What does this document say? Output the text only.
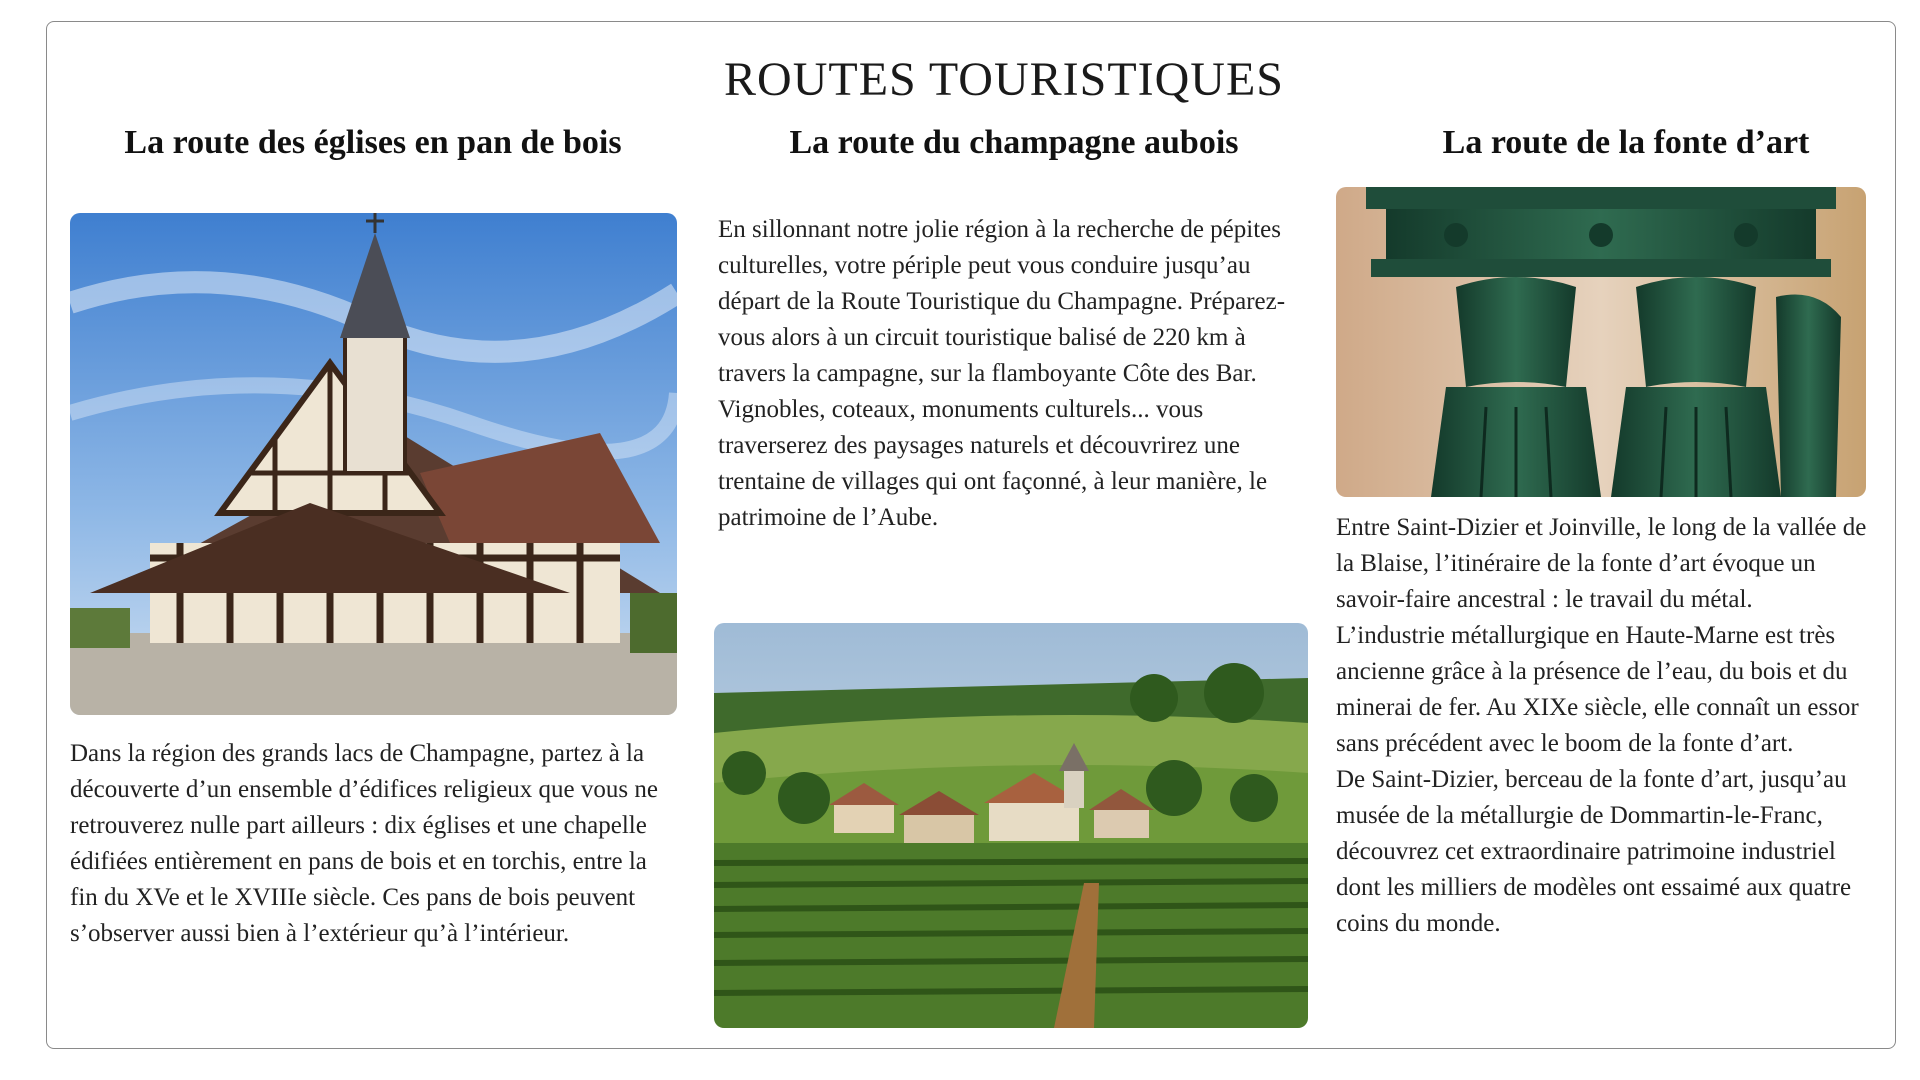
ROUTES TOURISTIQUES
La route des églises en pan de bois	La route du champagne aubois	La route de la fonte d’art

Dans la région des grands lacs de Champagne, partez à la découverte d’un ensemble d’édifices religieux que vous ne retrouverez nulle part ailleurs : dix églises et une chapelle édifiées entièrement en pans de bois et en torchis, entre la fin du XVe et le XVIIIe siècle. Ces pans de bois peuvent s’observer aussi bien à l’extérieur qu’à l’intérieur.

En sillonnant notre jolie région à la recherche de pépites culturelles, votre périple peut vous conduire jusqu’au départ de la Route Touristique du Champagne. Préparez-vous alors à un circuit touristique balisé de 220 km à travers la campagne, sur la flamboyante Côte des Bar. Vignobles, coteaux, monuments culturels... vous traverserez des paysages naturels et découvrirez une trentaine de villages qui ont façonné, à leur manière, le patrimoine de l’Aube.	Entre Saint-Dizier et Joinville, le long de la vallée de la Blaise, l’itinéraire de la fonte d’art évoque un savoir-faire ancestral : le travail du métal.

L’industrie métallurgique en Haute-Marne est très ancienne grâce à la présence de l’eau, du bois et du minerai de fer. Au XIXe siècle, elle connaît un essor sans précédent avec le boom de la fonte d’art.

De Saint-Dizier, berceau de la fonte d’art, jusqu’au musée de la métallurgie de Dommartin-le-Franc, découvrez cet extraordinaire patrimoine industriel dont les milliers de modèles ont essaimé aux quatre coins du monde.
